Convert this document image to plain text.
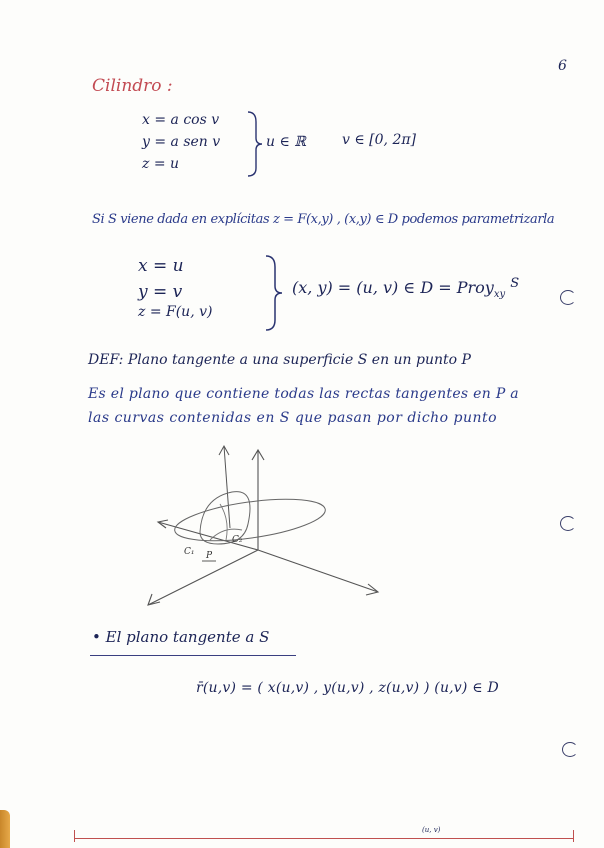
Cilindro :
6
x = a cos v
y = a sen v
z = u
u ∈ ℝ	v ∈ [0, 2π]
Si S viene dada en explícitas z = F(x,y) , (x,y) ∈ D podemos parametrizarla
x = u
y = v
z = F(u, v)
(x, y) = (u, v) ∈ D = Proy$_{xy}$ $^S$
DEF: Plano tangente a una superficie S en un punto P
Es el plano que contiene todas las rectas tangentes en P a
las curvas contenidas en S que pasan por dicho punto
C₁
C₂
P
• El plano tangente a S
r̄(u,v) = ( x(u,v) , y(u,v) , z(u,v) ) (u,v) ∈ D
(u, v)
